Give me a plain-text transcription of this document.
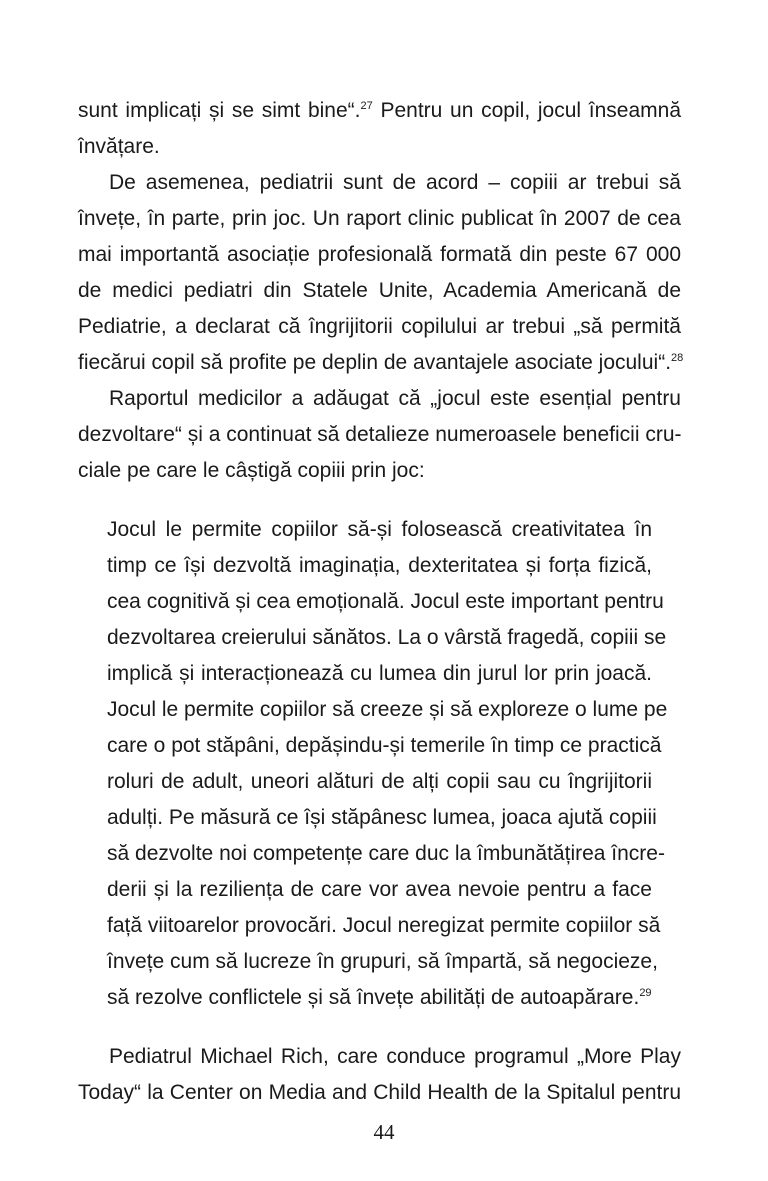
sunt implicați și se simt bine“.$^{27}$ Pentru un copil, jocul înseamnă

învățare.

De asemenea, pediatrii sunt de acord – copiii ar trebui să

învețe, în parte, prin joc. Un raport clinic publicat în 2007 de cea

mai importantă asociație profesională formată din peste 67 000

de medici pediatri din Statele Unite, Academia Americană de

Pediatrie, a declarat că îngrijitorii copilului ar trebui „să permită

fiecărui copil să profite pe deplin de avantajele asociate jocului“.$^{28}$

Raportul medicilor a adăugat că „jocul este esențial pentru

dezvoltare“ și a continuat să detalieze numeroasele beneficii cru-

ciale pe care le câștigă copiii prin joc:

Jocul le permite copiilor să-și folosească creativitatea în

timp ce își dezvoltă imaginația, dexteritatea și forța fizică,

cea cognitivă și cea emoțională. Jocul este important pentru

dezvoltarea creierului sănătos. La o vârstă fragedă, copiii se

implică și interacționează cu lumea din jurul lor prin joacă.

Jocul le permite copiilor să creeze și să exploreze o lume pe

care o pot stăpâni, depășindu-și temerile în timp ce practică

roluri de adult, uneori alături de alți copii sau cu îngrijitorii

adulți. Pe măsură ce își stăpânesc lumea, joaca ajută copiii

să dezvolte noi competențe care duc la îmbunătățirea încre-

derii și la reziliența de care vor avea nevoie pentru a face

față viitoarelor provocări. Jocul neregizat permite copiilor să

învețe cum să lucreze în grupuri, să împartă, să negocieze,

să rezolve conflictele și să învețe abilități de autoapărare.$^{29}$

Pediatrul Michael Rich, care conduce programul „More Play

Today“ la Center on Media and Child Health de la Spitalul pentru

44
